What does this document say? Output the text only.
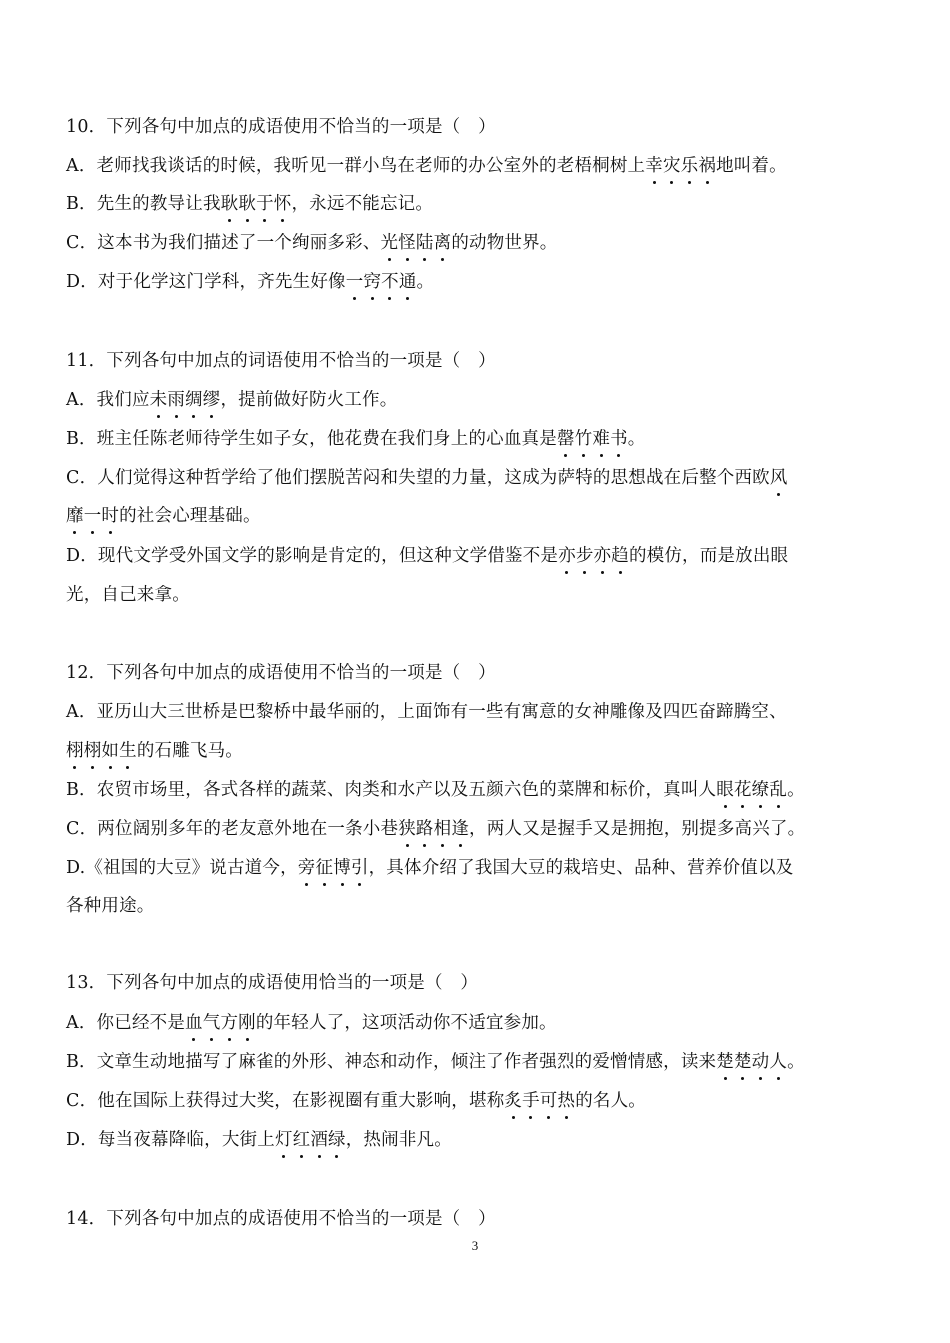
10．下列各句中加点的成语使用不恰当的一项是（　）
A．老师找我谈话的时候，我听见一群小鸟在老师的办公室外的老梧桐树上幸灾乐祸地叫着。
B．先生的教导让我耿耿于怀，永远不能忘记。
C．这本书为我们描述了一个绚丽多彩、光怪陆离的动物世界。
D．对于化学这门学科，齐先生好像一窍不通。
11．下列各句中加点的词语使用不恰当的一项是（　）
A．我们应未雨绸缪，提前做好防火工作。
B．班主任陈老师待学生如子女，他花费在我们身上的心血真是罄竹难书。
C．人们觉得这种哲学给了他们摆脱苦闷和失望的力量，这成为萨特的思想战在后整个西欧风
靡一时的社会心理基础。
D．现代文学受外国文学的影响是肯定的，但这种文学借鉴不是亦步亦趋的模仿，而是放出眼
光，自己来拿。
12．下列各句中加点的成语使用不恰当的一项是（　）
A．亚历山大三世桥是巴黎桥中最华丽的，上面饰有一些有寓意的女神雕像及四匹奋蹄腾空、
栩栩如生的石雕飞马。
B．农贸市场里，各式各样的蔬菜、肉类和水产以及五颜六色的菜牌和标价，真叫人眼花缭乱。
C．两位阔别多年的老友意外地在一条小巷狭路相逢，两人又是握手又是拥抱，别提多高兴了。
D.《祖国的大豆》说古道今，旁征博引，具体介绍了我国大豆的栽培史、品种、营养价值以及
各种用途。
13．下列各句中加点的成语使用恰当的一项是（　）
A．你已经不是血气方刚的年轻人了，这项活动你不适宜参加。
B．文章生动地描写了麻雀的外形、神态和动作，倾注了作者强烈的爱憎情感，读来楚楚动人。
C．他在国际上获得过大奖，在影视圈有重大影响，堪称炙手可热的名人。
D．每当夜幕降临，大街上灯红酒绿，热闹非凡。
14．下列各句中加点的成语使用不恰当的一项是（　）
3
